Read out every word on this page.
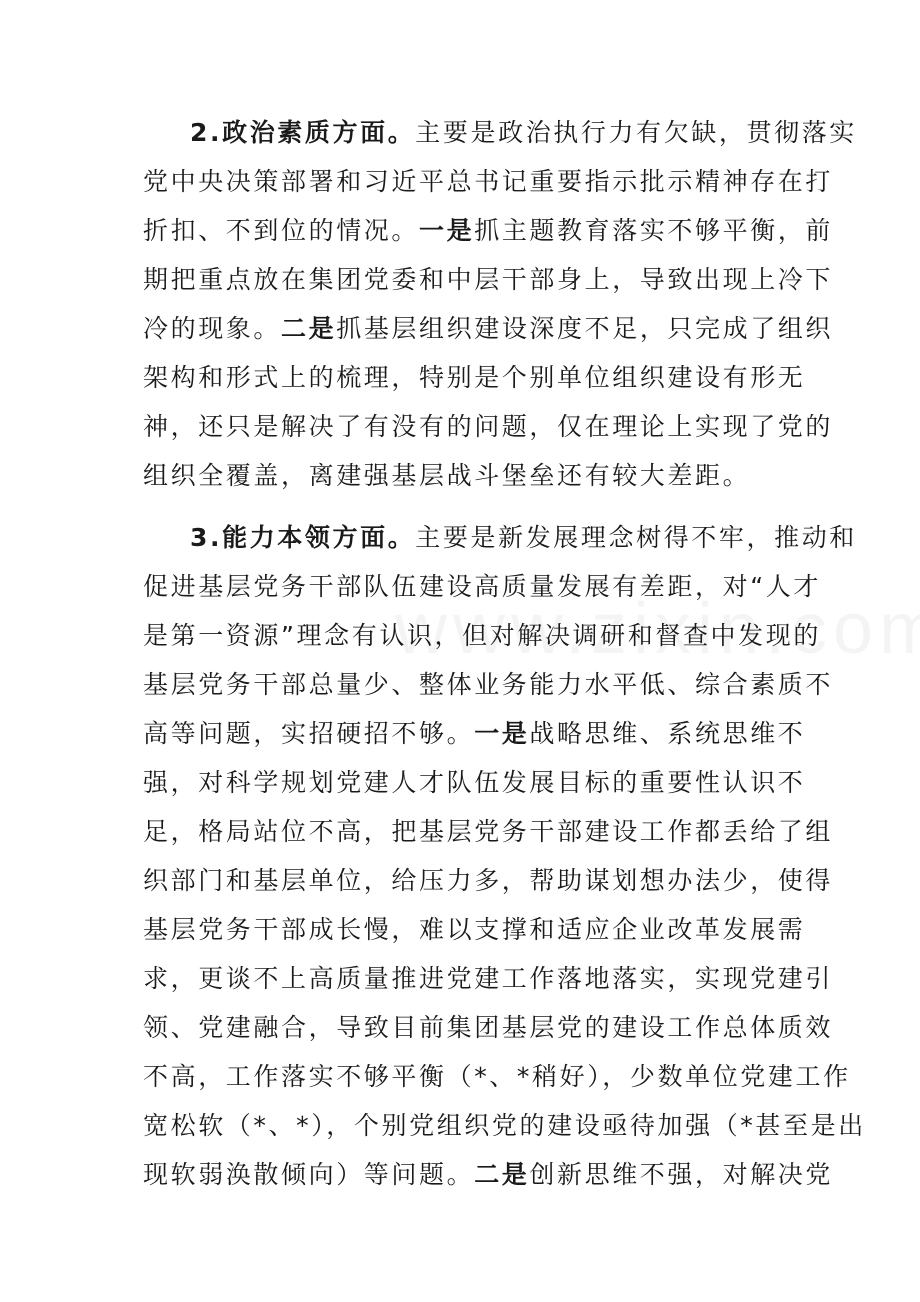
2.政治素质方面。主要是政治执行力有欠缺，贯彻落实
党中央决策部署和习近平总书记重要指示批示精神存在打
折扣、不到位的情况。一是抓主题教育落实不够平衡，前
期把重点放在集团党委和中层干部身上，导致出现上冷下
冷的现象。二是抓基层组织建设深度不足，只完成了组织
架构和形式上的梳理，特别是个别单位组织建设有形无
神，还只是解决了有没有的问题，仅在理论上实现了党的
组织全覆盖，离建强基层战斗堡垒还有较大差距。
3.能力本领方面。主要是新发展理念树得不牢，推动和
促进基层党务干部队伍建设高质量发展有差距，对“人才
是第一资源”理念有认识，但对解决调研和督查中发现的
基层党务干部总量少、整体业务能力水平低、综合素质不
高等问题，实招硬招不够。一是战略思维、系统思维不
强，对科学规划党建人才队伍发展目标的重要性认识不
足，格局站位不高，把基层党务干部建设工作都丢给了组
织部门和基层单位，给压力多，帮助谋划想办法少，使得
基层党务干部成长慢，难以支撑和适应企业改革发展需
求，更谈不上高质量推进党建工作落地落实，实现党建引
领、党建融合，导致目前集团基层党的建设工作总体质效
不高，工作落实不够平衡（*、*稍好），少数单位党建工作
宽松软（*、*），个别党组织党的建设亟待加强（*甚至是出
现软弱涣散倾向）等问题。二是创新思维不强，对解决党
